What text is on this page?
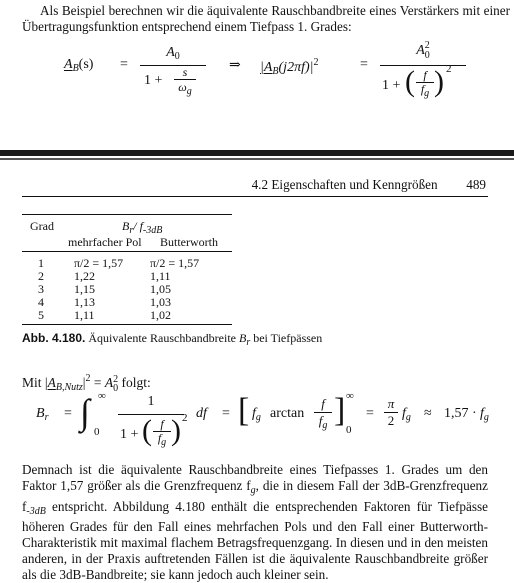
Als Beispiel berechnen wir die äquivalente Rauschbandbreite eines Verstärkers mit einer Übertragungsfunktion entsprechend einem Tiefpass 1. Grades:
$A_B(s)$ =
$A_0$
1 +
s
$\omega_g$
⇒ $|A_B(j2\pi f)|^2$	=
A 2
0
1 + ( f
$f_g$ ) 2
4.2 Eigenschaften und Kenngrößen 489
Grad	$B_r/$ $f_{-3dB}$
mehrfacher Pol Butterworth
1	π/2 = 1,57 π/2 = 1,57
2	1,22	1,11
3	1,15	1,05
4	1,13	1,03
5	1,11	1,02
Abb. 4.180. Äquivalente Rauschbandbreite $B_r$ bei Tiefpässen
Mit $|A_{B,Nutz}|^2 = A$ 2
0 folgt:
$B_r$ = ∫ ∞
0
1
1 + ( f
$f_g$ ) 2 df = [ $f_g$ arctan
f
$f_g$ ] ∞
0
=
π
2 $f_g \approx 1,57 \cdot f_g$
Demnach ist die äquivalente Rauschbandbreite eines Tiefpasses 1. Grades um den Faktor 1,57 größer als die Grenzfrequenz $f_g$, die in diesem Fall der 3dB-Grenzfrequenz $f_{-3dB}$ entspricht. Abbildung 4.180 enthält die entsprechenden Faktoren für Tiefpässe höheren Grades für den Fall eines mehrfachen Pols und den Fall einer Butterworth-Charakteristik mit maximal flachem Betragsfrequenzgang. In diesen und in den meisten anderen, in der Praxis auftretenden Fällen ist die äquivalente Rauschbandbreite größer als die 3dB-Bandbreite; sie kann jedoch auch kleiner sein.
